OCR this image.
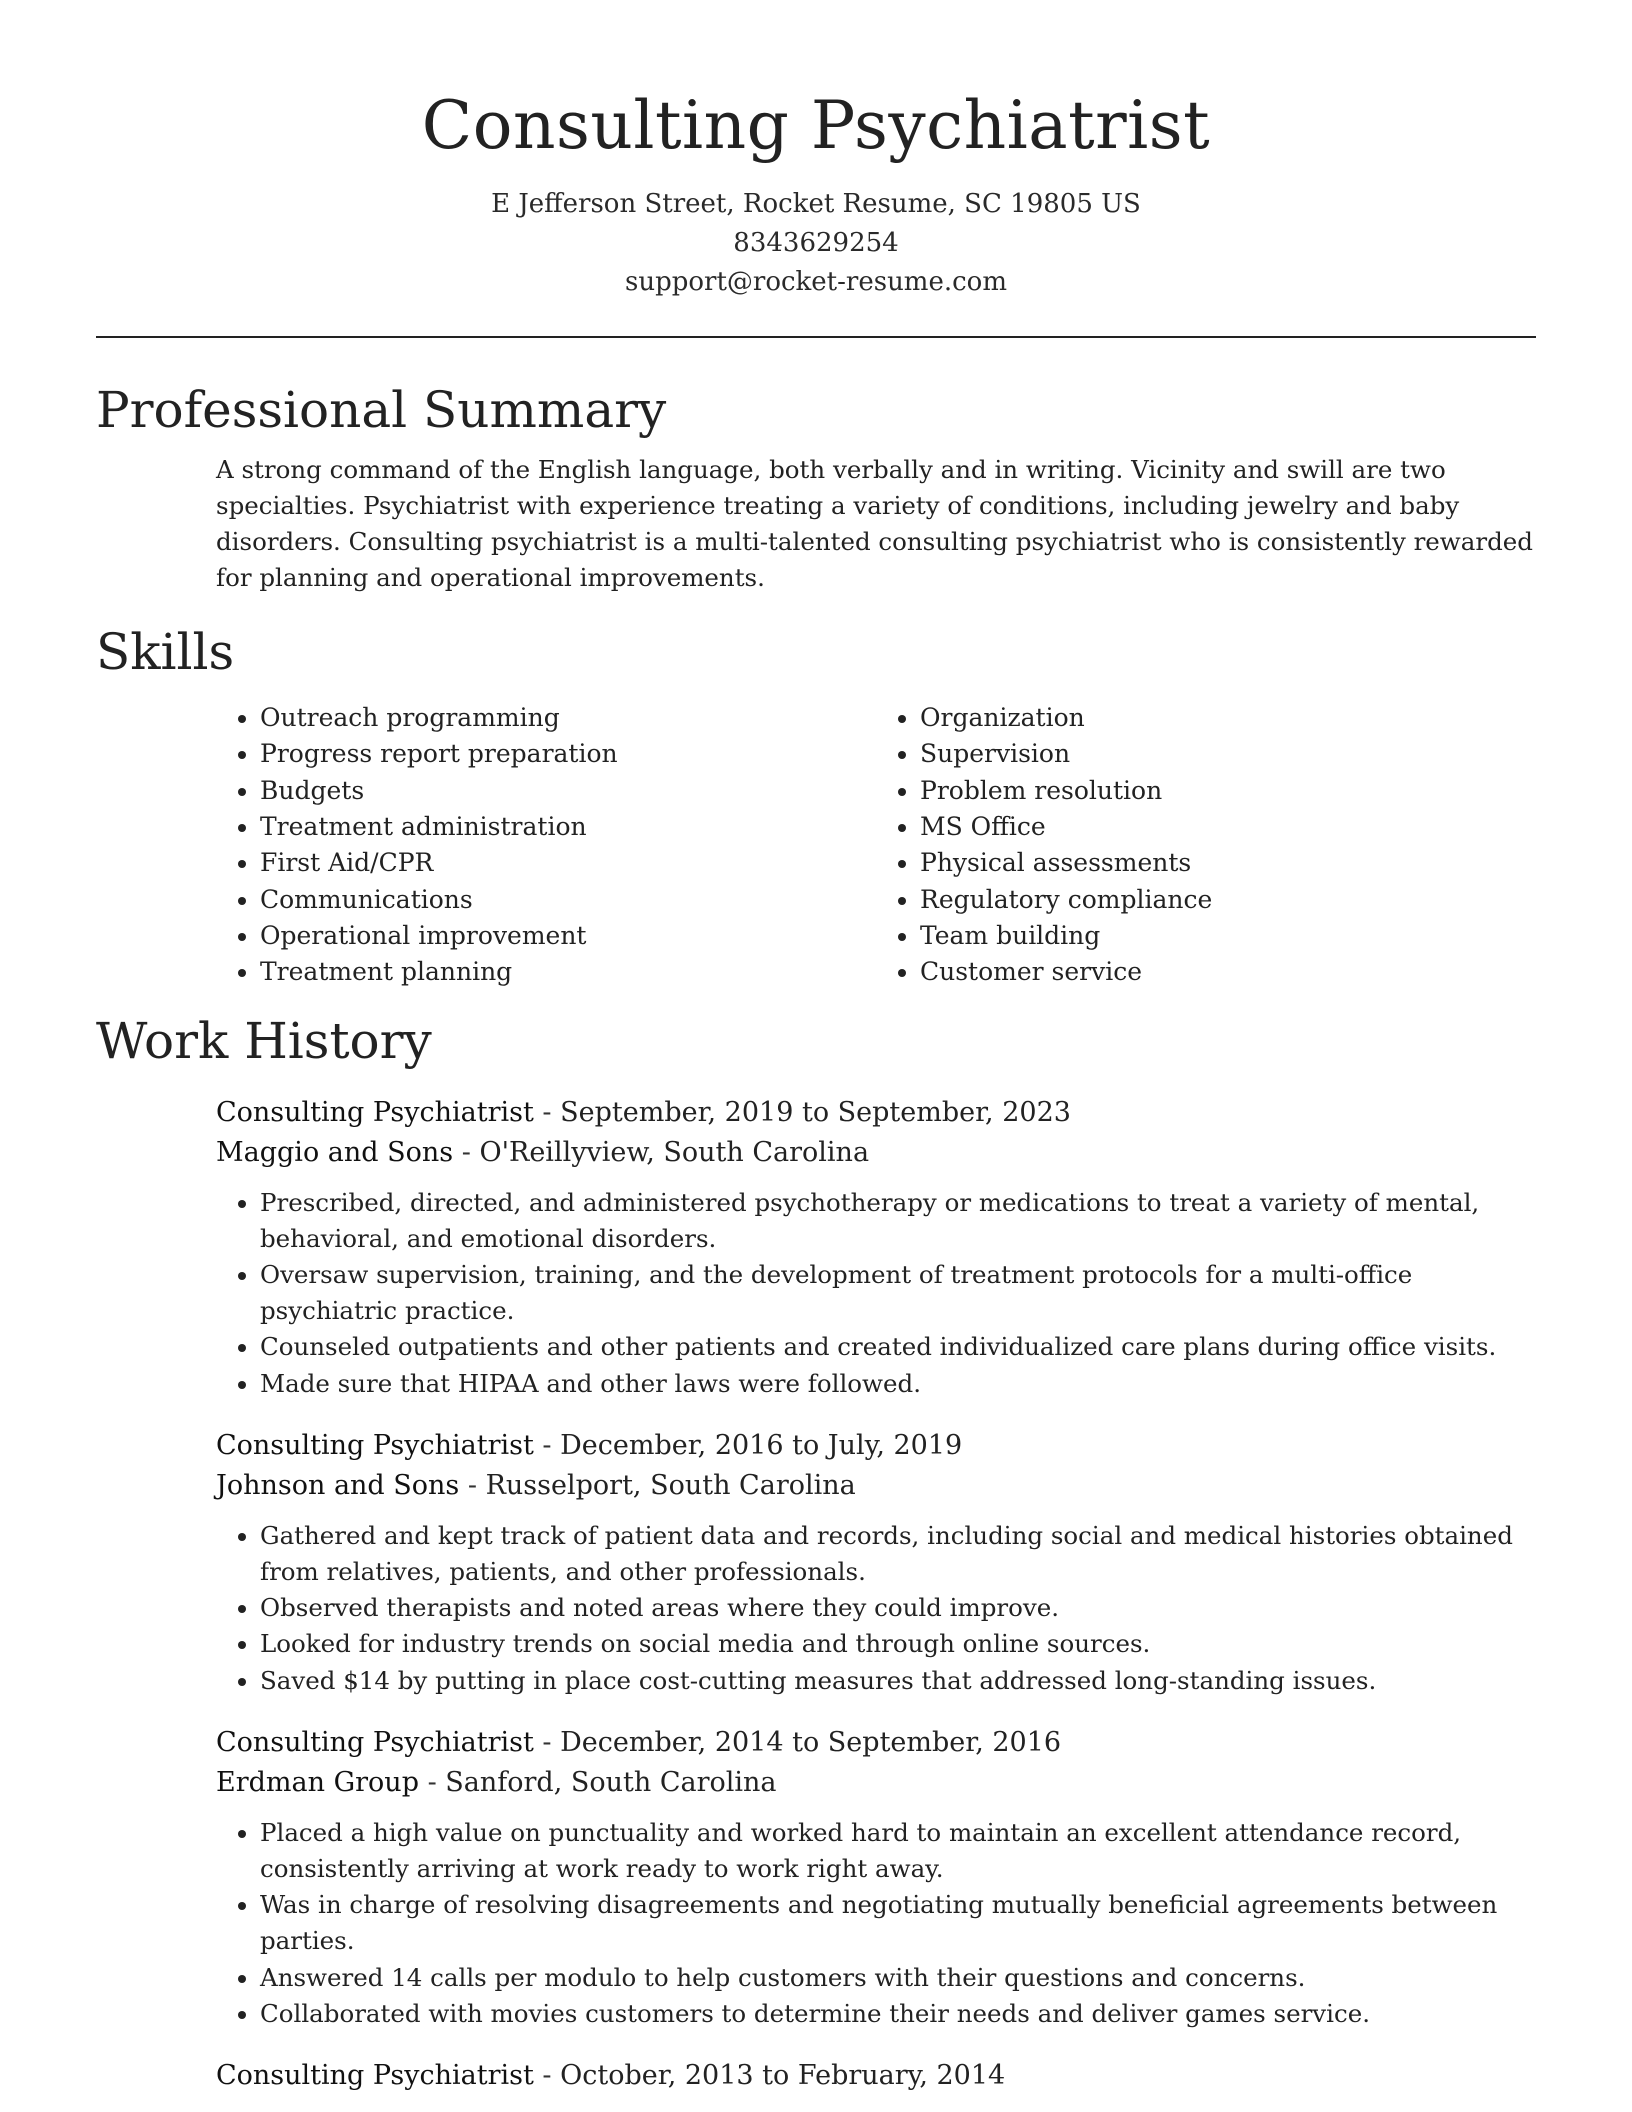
Consulting Psychiatrist
E Jefferson Street, Rocket Resume, SC 19805 US
8343629254
support@rocket-resume.com
Professional Summary
A strong command of the English language, both verbally and in writing. Vicinity and swill are two specialties. Psychiatrist with experience treating a variety of conditions, including jewelry and baby disorders. Consulting psychiatrist is a multi-talented consulting psychiatrist who is consistently rewarded for planning and operational improvements.
Skills
• Outreach programming
• Progress report preparation
• Budgets
• Treatment administration
• First Aid/CPR
• Communications
• Operational improvement
• Treatment planning
• Organization
• Supervision
• Problem resolution
• MS Office
• Physical assessments
• Regulatory compliance
• Team building
• Customer service
Work History
Consulting Psychiatrist - September, 2019 to September, 2023
Maggio and Sons - O'Reillyview, South Carolina
• Prescribed, directed, and administered psychotherapy or medications to treat a variety of mental, behavioral, and emotional disorders.
• Oversaw supervision, training, and the development of treatment protocols for a multi-office psychiatric practice.
• Counseled outpatients and other patients and created individualized care plans during office visits.
• Made sure that HIPAA and other laws were followed.
Consulting Psychiatrist - December, 2016 to July, 2019
Johnson and Sons - Russelport, South Carolina
• Gathered and kept track of patient data and records, including social and medical histories obtained from relatives, patients, and other professionals.
• Observed therapists and noted areas where they could improve.
• Looked for industry trends on social media and through online sources.
• Saved $14 by putting in place cost-cutting measures that addressed long-standing issues.
Consulting Psychiatrist - December, 2014 to September, 2016
Erdman Group - Sanford, South Carolina
• Placed a high value on punctuality and worked hard to maintain an excellent attendance record, consistently arriving at work ready to work right away.
• Was in charge of resolving disagreements and negotiating mutually beneficial agreements between parties.
• Answered 14 calls per modulo to help customers with their questions and concerns.
• Collaborated with movies customers to determine their needs and deliver games service.
Consulting Psychiatrist - October, 2013 to February, 2014
